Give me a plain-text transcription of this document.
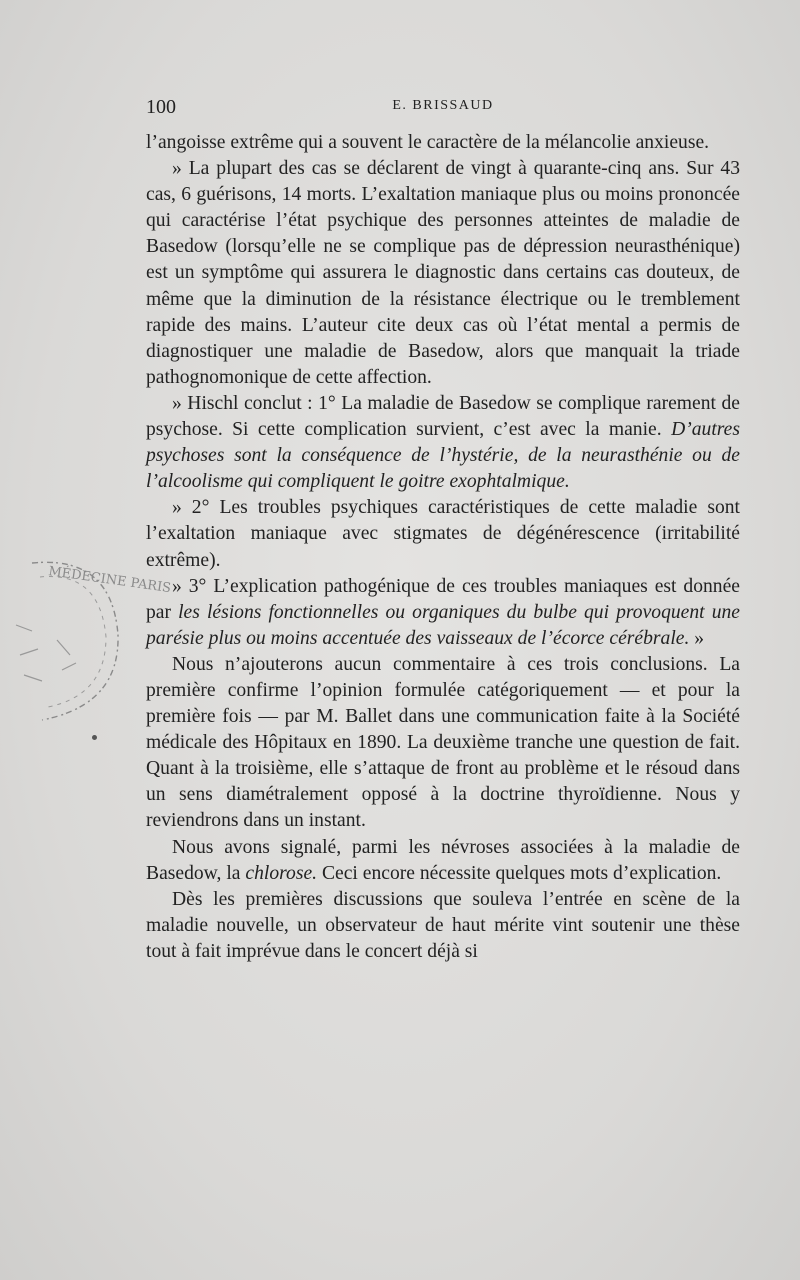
100	E. BRISSAUD

l’angoisse extrême qui a souvent le caractère de la mélancolie anxieuse.

» La plupart des cas se déclarent de vingt à quarante-cinq ans. Sur 43 cas, 6 guérisons, 14 morts. L’exaltation maniaque plus ou moins prononcée qui caractérise l’état psychique des personnes atteintes de maladie de Basedow (lorsqu’elle ne se complique pas de dépression neurasthénique) est un symptôme qui assurera le diagnostic dans certains cas douteux, de même que la diminution de la résistance électrique ou le tremblement rapide des mains. L’auteur cite deux cas où l’état mental a permis de diagnostiquer une maladie de Basedow, alors que manquait la triade pathognomonique de cette affection.

» Hischl conclut : 1° La maladie de Basedow se complique rarement de psychose. Si cette complication survient, c’est avec la manie. D’autres psychoses sont la conséquence de l’hystérie, de la neurasthénie ou de l’alcoolisme qui compliquent le goitre exophtalmique.

» 2° Les troubles psychiques caractéristiques de cette maladie sont l’exaltation maniaque avec stigmates de dégénérescence (irritabilité extrême).

» 3° L’explication pathogénique de ces troubles maniaques est donnée par les lésions fonctionnelles ou organiques du bulbe qui provoquent une parésie plus ou moins accentuée des vaisseaux de l’écorce cérébrale. »

Nous n’ajouterons aucun commentaire à ces trois conclusions. La première confirme l’opinion formulée catégoriquement — et pour la première fois — par M. Ballet dans une communication faite à la Société médicale des Hôpitaux en 1890. La deuxième tranche une question de fait. Quant à la troisième, elle s’attaque de front au problème et le résoud dans un sens diamétralement opposé à la doctrine thyroïdienne. Nous y reviendrons dans un instant.

Nous avons signalé, parmi les névroses associées à la maladie de Basedow, la chlorose. Ceci encore nécessite quelques mots d’explication.

Dès les premières discussions que souleva l’entrée en scène de la maladie nouvelle, un observateur de haut mérite vint soutenir une thèse tout à fait imprévue dans le concert déjà si

MÉDECINE PARIS
